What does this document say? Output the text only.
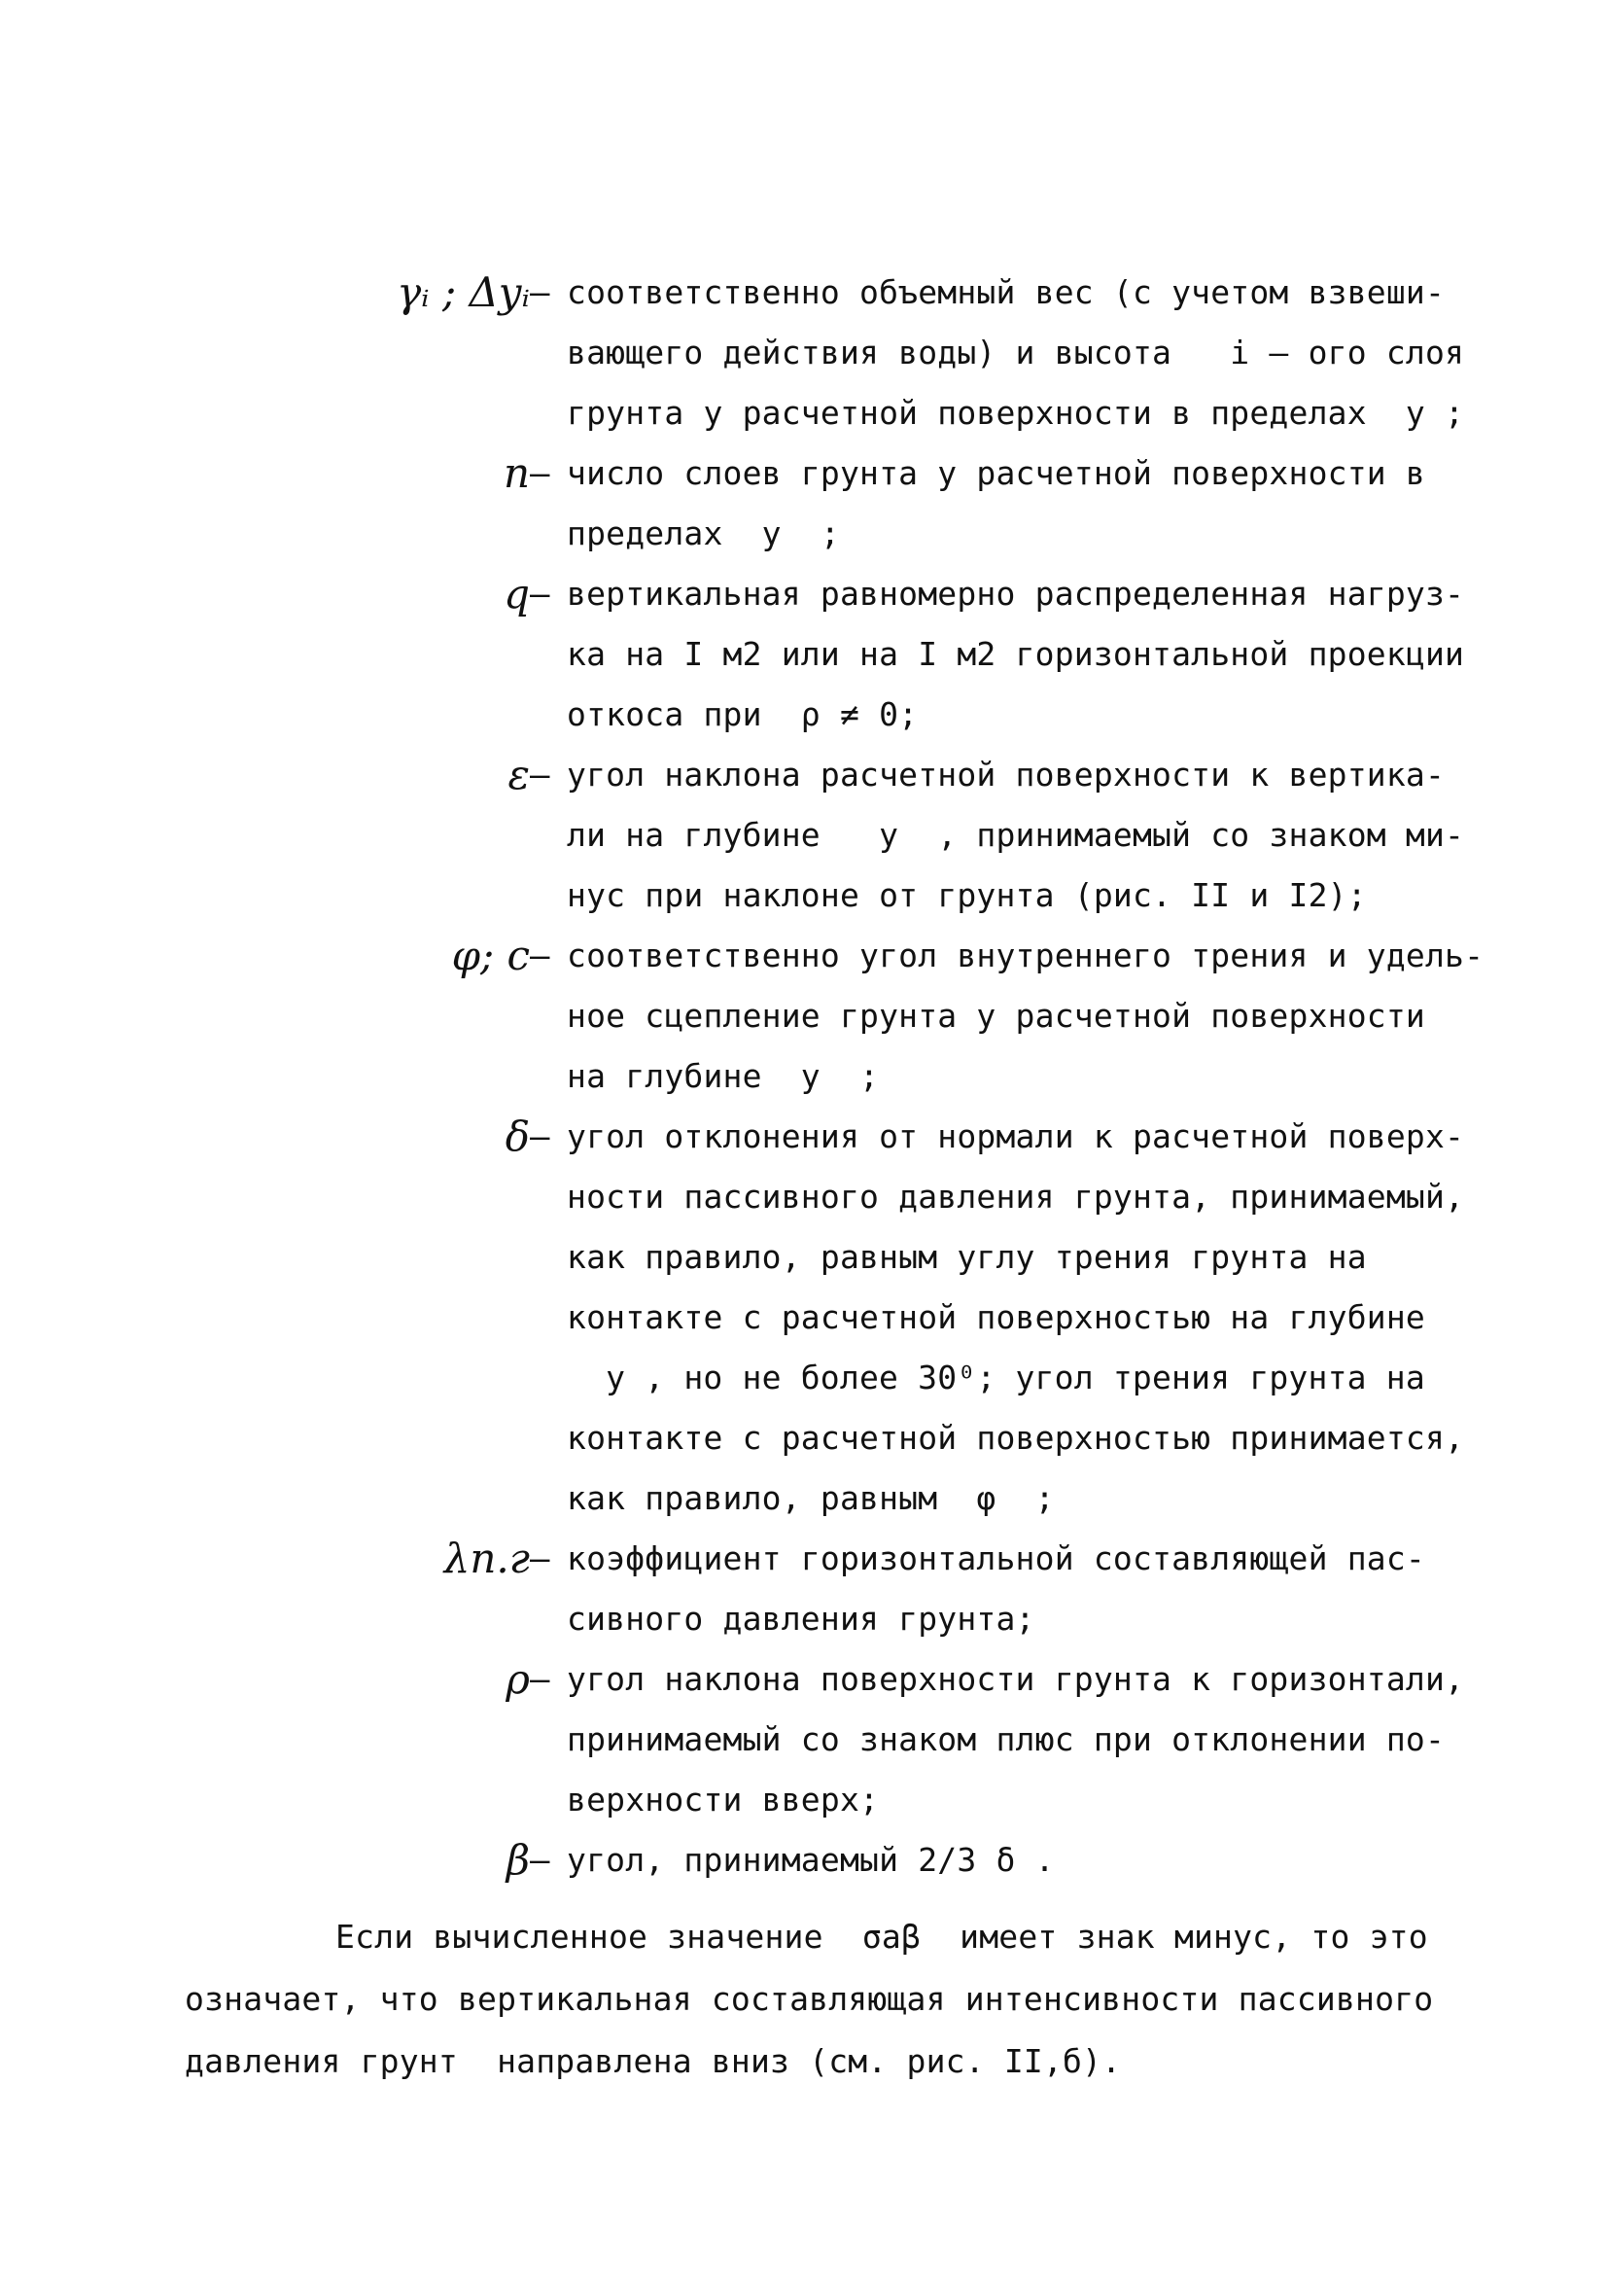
γᵢ ; Δyᵢ – соответственно объемный вес (с учетом взвеши-
вающего действия воды) и высота   i – ого слоя
грунта у расчетной поверхности в пределах  y ;
n – число слоев грунта у расчетной поверхности в
пределах  y  ;
q – вертикальная равномерно распределенная нагруз-
ка на I м2 или на I м2 горизонтальной проекции
откоса при  ρ ≠ 0;
ε – угол наклона расчетной поверхности к вертика-
ли на глубине   y  , принимаемый со знаком ми-
нус при наклоне от грунта (рис. II и I2);
φ; c – соответственно угол внутреннего трения и удель-
ное сцепление грунта у расчетной поверхности
на глубине  y  ;
δ – угол отклонения от нормали к расчетной поверх-
ности пассивного давления грунта, принимаемый,
как правило, равным углу трения грунта на
контакте с расчетной поверхностью на глубине
y , но не более 30⁰; угол трения грунта на
контакте с расчетной поверхностью принимается,
как правило, равным  φ  ;
λп.г – коэффициент горизонтальной составляющей пас-
сивного давления грунта;
ρ – угол наклона поверхности грунта к горизонтали,
принимаемый со знаком плюс при отклонении по-
верхности вверх;
β – угол, принимаемый 2/3 δ .
Если вычисленное значение  σaβ  имеет знак минус, то это
означает, что вертикальная составляющая интенсивности пассивного
давления грунт  направлена вниз (см. рис. II,б).
